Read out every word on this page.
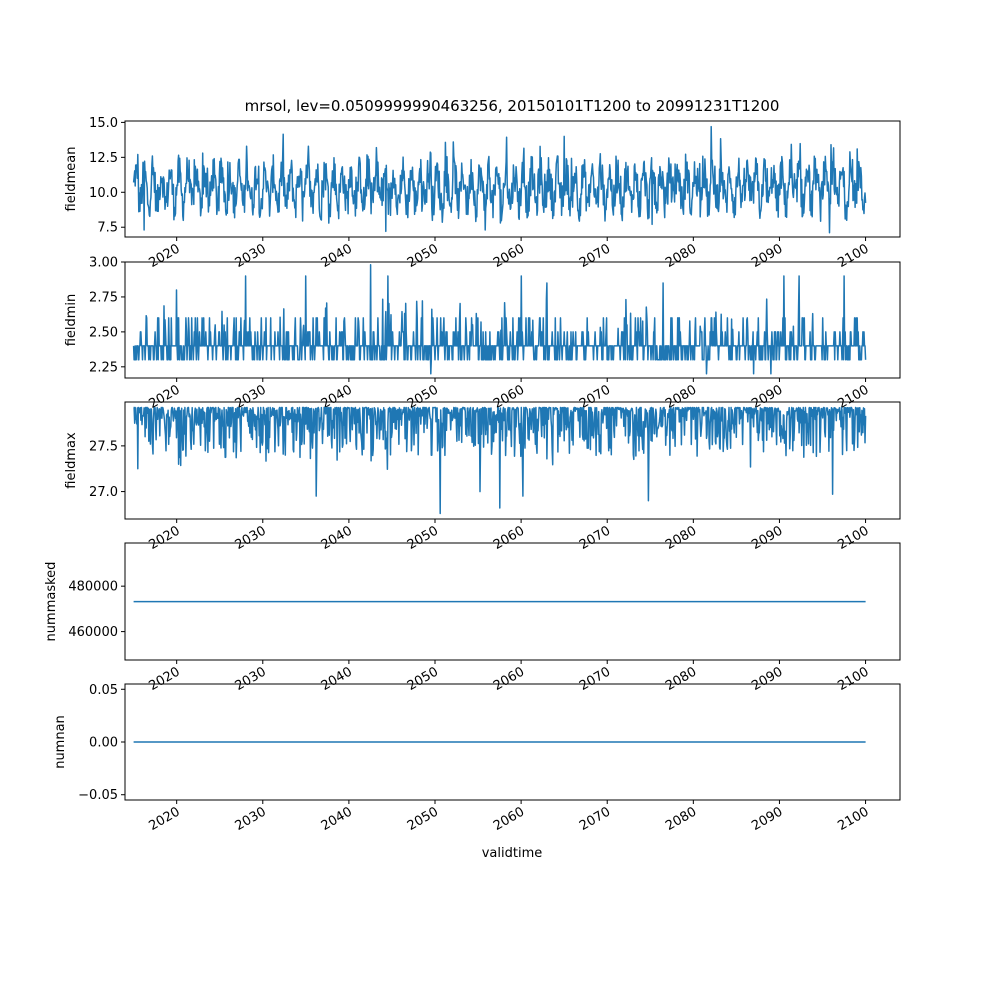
mrsol, lev=0.0509999990463256, 20150101T1200 to 20991231T1200
7.5
10.0
12.5
15.0
fieldmean
2020	2030	2040	2050	2060	2070	2080	2090	2100
2.25
2.50
2.75
3.00
fieldmin
2020	2030	2040	2050	2060	2070	2080	2090	2100
27.0
27.5
fieldmax
2020	2030	2040	2050	2060	2070	2080	2090	2100
460000
480000
nummasked
2020	2030	2040	2050	2060	2070	2080	2090	2100
−0.05
0.00
0.05
numnan
2020	2030	2040	2050	2060	2070	2080	2090	2100
validtime
